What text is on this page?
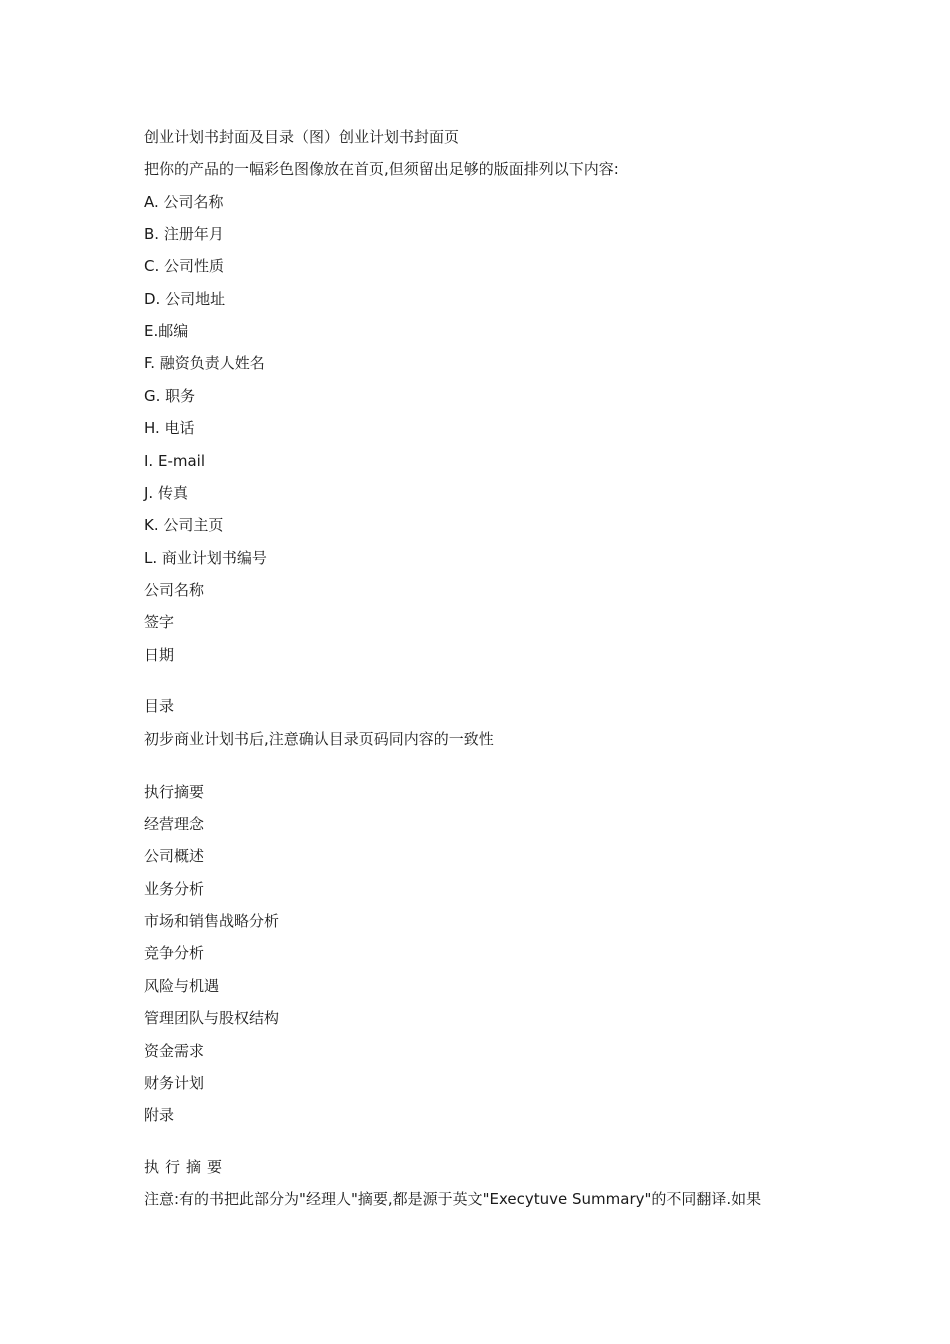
创业计划书封面及目录（图）创业计划书封面页
把你的产品的一幅彩色图像放在首页,但须留出足够的版面排列以下内容:
A. 公司名称
B. 注册年月
C. 公司性质
D. 公司地址
E.邮编
F. 融资负责人姓名
G. 职务
H. 电话
I. E-mail
J. 传真
K. 公司主页
L. 商业计划书编号
公司名称
签字
日期
目录
初步商业计划书后,注意确认目录页码同内容的一致性
执行摘要
经营理念
公司概述
业务分析
市场和销售战略分析
竞争分析
风险与机遇
管理团队与股权结构
资金需求
财务计划
附录
执行摘要
注意:有的书把此部分为"经理人"摘要,都是源于英文"Execytuve Summary"的不同翻译.如果
